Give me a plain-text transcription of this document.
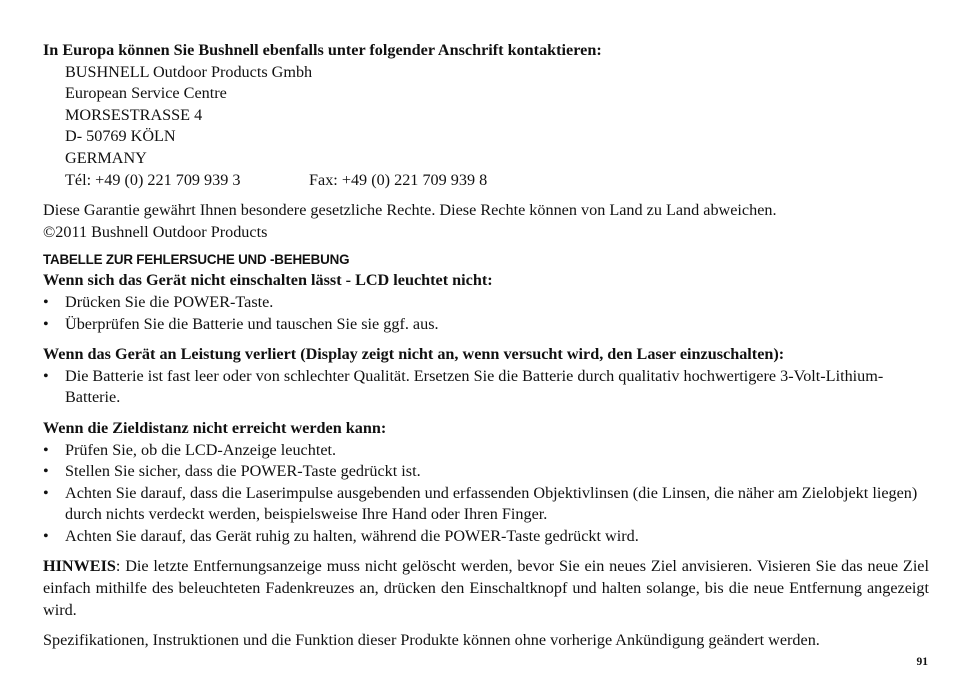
In Europa können Sie Bushnell ebenfalls unter folgender Anschrift kontaktieren:

BUSHNELL Outdoor Products Gmbh

European Service Centre

MORSESTRASSE 4

D- 50769 KÖLN

GERMANY

Tél: +49 (0) 221 709 939 3	Fax: +49 (0) 221 709 939 8

Diese Garantie gewährt Ihnen besondere gesetzliche Rechte. Diese Rechte können von Land zu Land abweichen.

©2011 Bushnell Outdoor Products

TABELLE ZUR FEHLERSUCHE UND -BEHEBUNG

Wenn sich das Gerät nicht einschalten lässt - LCD leuchtet nicht:

• Drücken Sie die POWER-Taste.
• Überprüfen Sie die Batterie und tauschen Sie sie ggf. aus.

Wenn das Gerät an Leistung verliert (Display zeigt nicht an, wenn versucht wird, den Laser einzuschalten):

• Die Batterie ist fast leer oder von schlechter Qualität. Ersetzen Sie die Batterie durch qualitativ hochwertigere 3-Volt-Lithium-Batterie.

Wenn die Zieldistanz nicht erreicht werden kann:

• Prüfen Sie, ob die LCD-Anzeige leuchtet.
• Stellen Sie sicher, dass die POWER-Taste gedrückt ist.
• Achten Sie darauf, dass die Laserimpulse ausgebenden und erfassenden Objektivlinsen (die Linsen, die näher am Zielobjekt liegen) durch nichts verdeckt werden, beispielsweise Ihre Hand oder Ihren Finger.
• Achten Sie darauf, das Gerät ruhig zu halten, während die POWER-Taste gedrückt wird.

HINWEIS: Die letzte Entfernungsanzeige muss nicht gelöscht werden, bevor Sie ein neues Ziel anvisieren. Visieren Sie das neue Ziel einfach mithilfe des beleuchteten Fadenkreuzes an, drücken den Einschaltknopf und halten solange, bis die neue Entfernung angezeigt wird.

Spezifikationen, Instruktionen und die Funktion dieser Produkte können ohne vorherige Ankündigung geändert werden.

91
